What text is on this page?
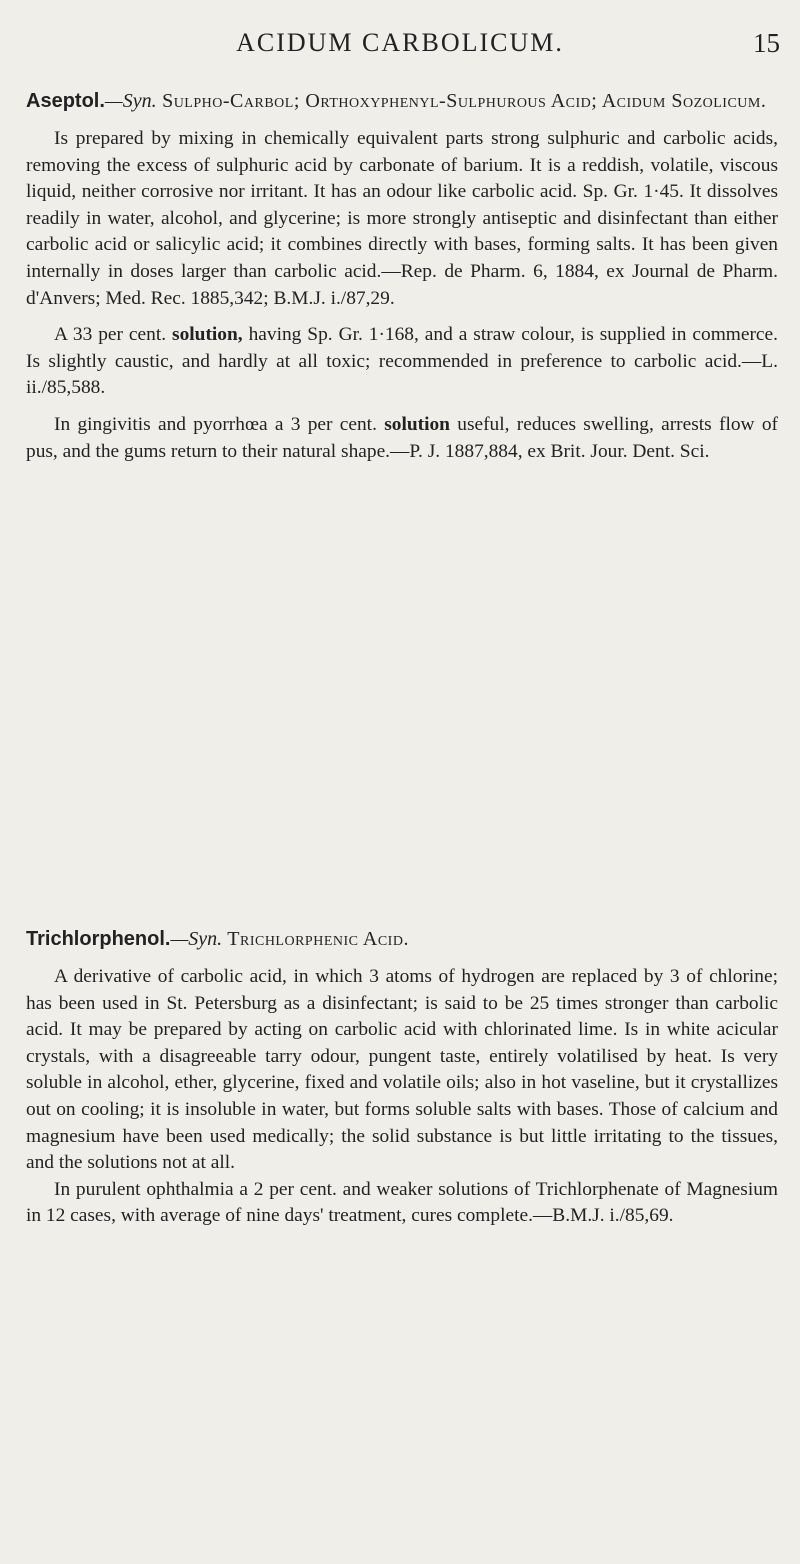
ACIDUM CARBOLICUM.	15

Aseptol.—Syn. Sulpho-Carbol; Orthoxyphenyl-Sulphurous Acid; Acidum Sozolicum.

Is prepared by mixing in chemically equivalent parts strong sulphuric and carbolic acids, removing the excess of sulphuric acid by carbonate of barium. It is a reddish, volatile, viscous liquid, neither corrosive nor irritant. It has an odour like carbolic acid. Sp. Gr. 1·45. It dissolves readily in water, alcohol, and glycerine; is more strongly antiseptic and disinfectant than either carbolic acid or salicylic acid; it combines directly with bases, forming salts. It has been given internally in doses larger than carbolic acid.—Rep. de Pharm. 6, 1884, ex Journal de Pharm. d'Anvers; Med. Rec. 1885,342; B.M.J. i./87,29.

A 33 per cent. solution, having Sp. Gr. 1·168, and a straw colour, is supplied in commerce. Is slightly caustic, and hardly at all toxic; recommended in preference to carbolic acid.—L. ii./85,588.

In gingivitis and pyorrhœa a 3 per cent. solution useful, reduces swelling, arrests flow of pus, and the gums return to their natural shape.—P. J. 1887,884, ex Brit. Jour. Dent. Sci.

Trichlorphenol.—Syn. Trichlorphenic Acid.

A derivative of carbolic acid, in which 3 atoms of hydrogen are replaced by 3 of chlorine; has been used in St. Petersburg as a disinfectant; is said to be 25 times stronger than carbolic acid. It may be prepared by acting on carbolic acid with chlorinated lime. Is in white acicular crystals, with a disagreeable tarry odour, pungent taste, entirely volatilised by heat. Is very soluble in alcohol, ether, glycerine, fixed and volatile oils; also in hot vaseline, but it crystallizes out on cooling; it is insoluble in water, but forms soluble salts with bases. Those of calcium and magnesium have been used medically; the solid substance is but little irritating to the tissues, and the solutions not at all.

In purulent ophthalmia a 2 per cent. and weaker solutions of Trichlorphenate of Magnesium in 12 cases, with average of nine days' treatment, cures complete.—B.M.J. i./85,69.
